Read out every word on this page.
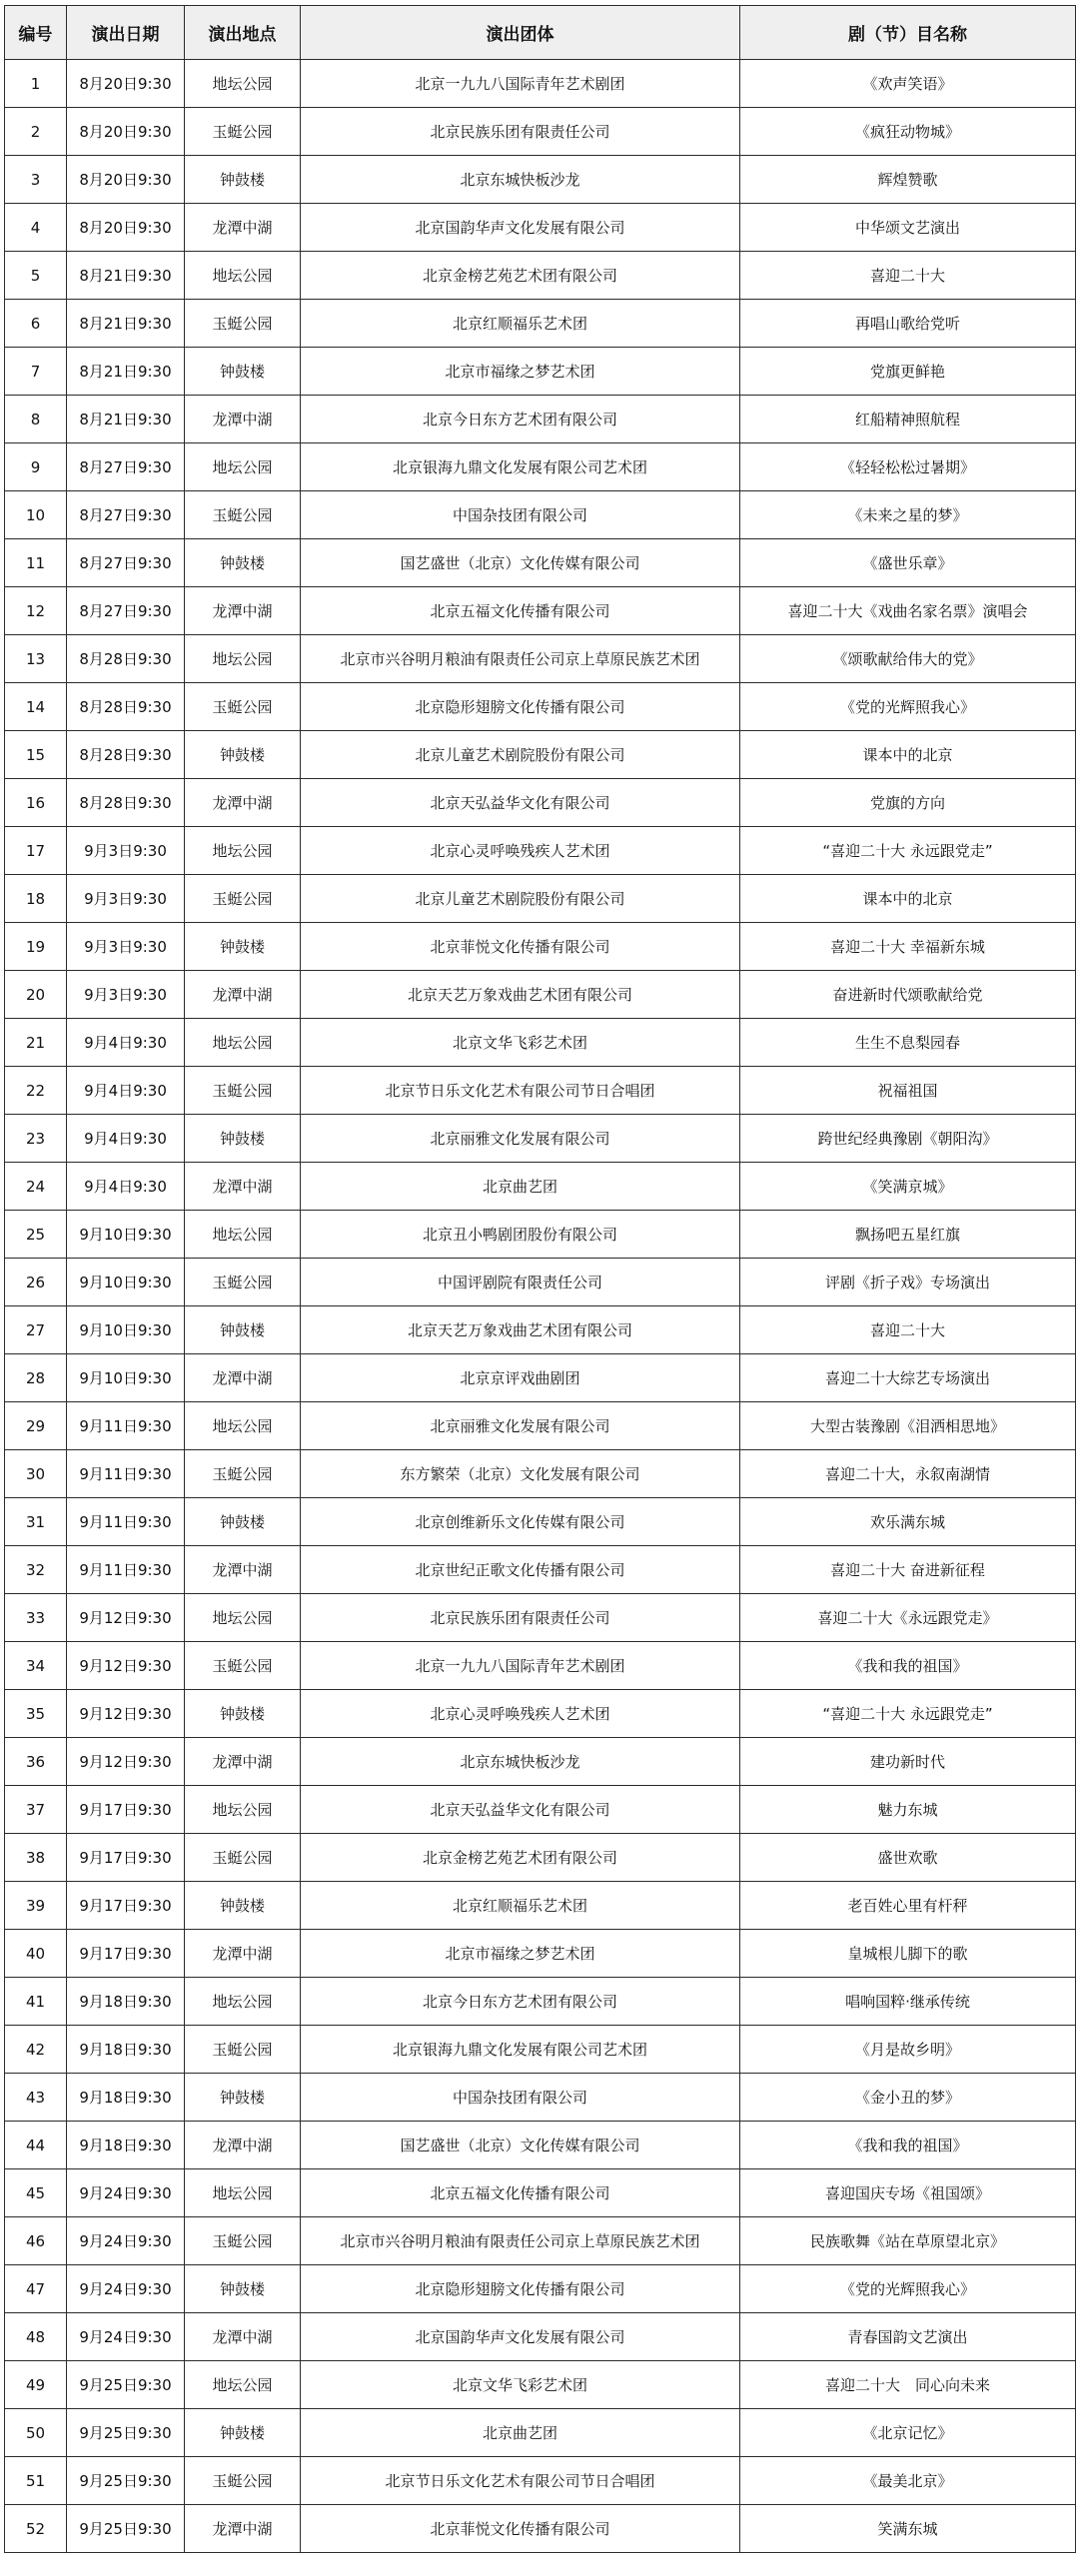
编号	演出日期	演出地点	演出团体	剧（节）目名称
1	8月20日9:30	地坛公园	北京一九九八国际青年艺术剧团	《欢声笑语》
2	8月20日9:30	玉蜓公园	北京民族乐团有限责任公司	《疯狂动物城》
3	8月20日9:30	钟鼓楼	北京东城快板沙龙	辉煌赞歌
4	8月20日9:30	龙潭中湖	北京国韵华声文化发展有限公司	中华颂文艺演出
5	8月21日9:30	地坛公园	北京金榜艺苑艺术团有限公司	喜迎二十大
6	8月21日9:30	玉蜓公园	北京红顺福乐艺术团	再唱山歌给党听
7	8月21日9:30	钟鼓楼	北京市福缘之梦艺术团	党旗更鲜艳
8	8月21日9:30	龙潭中湖	北京今日东方艺术团有限公司	红船精神照航程
9	8月27日9:30	地坛公园	北京银海九鼎文化发展有限公司艺术团	《轻轻松松过暑期》
10	8月27日9:30	玉蜓公园	中国杂技团有限公司	《未来之星的梦》
11	8月27日9:30	钟鼓楼	国艺盛世（北京）文化传媒有限公司	《盛世乐章》
12	8月27日9:30	龙潭中湖	北京五福文化传播有限公司	喜迎二十大《戏曲名家名票》演唱会
13	8月28日9:30	地坛公园	北京市兴谷明月粮油有限责任公司京上草原民族艺术团	《颂歌献给伟大的党》
14	8月28日9:30	玉蜓公园	北京隐形翅膀文化传播有限公司	《党的光辉照我心》
15	8月28日9:30	钟鼓楼	北京儿童艺术剧院股份有限公司	课本中的北京
16	8月28日9:30	龙潭中湖	北京天弘益华文化有限公司	党旗的方向
17	9月3日9:30	地坛公园	北京心灵呼唤残疾人艺术团	“喜迎二十大 永远跟党走”
18	9月3日9:30	玉蜓公园	北京儿童艺术剧院股份有限公司	课本中的北京
19	9月3日9:30	钟鼓楼	北京菲悦文化传播有限公司	喜迎二十大 幸福新东城
20	9月3日9:30	龙潭中湖	北京天艺万象戏曲艺术团有限公司	奋进新时代颂歌献给党
21	9月4日9:30	地坛公园	北京文华飞彩艺术团	生生不息梨园春
22	9月4日9:30	玉蜓公园	北京节日乐文化艺术有限公司节日合唱团	祝福祖国
23	9月4日9:30	钟鼓楼	北京丽雅文化发展有限公司	跨世纪经典豫剧《朝阳沟》
24	9月4日9:30	龙潭中湖	北京曲艺团	《笑满京城》
25	9月10日9:30	地坛公园	北京丑小鸭剧团股份有限公司	飘扬吧五星红旗
26	9月10日9:30	玉蜓公园	中国评剧院有限责任公司	评剧《折子戏》专场演出
27	9月10日9:30	钟鼓楼	北京天艺万象戏曲艺术团有限公司	喜迎二十大
28	9月10日9:30	龙潭中湖	北京京评戏曲剧团	喜迎二十大综艺专场演出
29	9月11日9:30	地坛公园	北京丽雅文化发展有限公司	大型古装豫剧《泪洒相思地》
30	9月11日9:30	玉蜓公园	东方繁荣（北京）文化发展有限公司	喜迎二十大，永叙南湖情
31	9月11日9:30	钟鼓楼	北京创维新乐文化传媒有限公司	欢乐满东城
32	9月11日9:30	龙潭中湖	北京世纪正歌文化传播有限公司	喜迎二十大 奋进新征程
33	9月12日9:30	地坛公园	北京民族乐团有限责任公司	喜迎二十大《永远跟党走》
34	9月12日9:30	玉蜓公园	北京一九九八国际青年艺术剧团	《我和我的祖国》
35	9月12日9:30	钟鼓楼	北京心灵呼唤残疾人艺术团	“喜迎二十大 永远跟党走”
36	9月12日9:30	龙潭中湖	北京东城快板沙龙	建功新时代
37	9月17日9:30	地坛公园	北京天弘益华文化有限公司	魅力东城
38	9月17日9:30	玉蜓公园	北京金榜艺苑艺术团有限公司	盛世欢歌
39	9月17日9:30	钟鼓楼	北京红顺福乐艺术团	老百姓心里有杆秤
40	9月17日9:30	龙潭中湖	北京市福缘之梦艺术团	皇城根儿脚下的歌
41	9月18日9:30	地坛公园	北京今日东方艺术团有限公司	唱响国粹·继承传统
42	9月18日9:30	玉蜓公园	北京银海九鼎文化发展有限公司艺术团	《月是故乡明》
43	9月18日9:30	钟鼓楼	中国杂技团有限公司	《金小丑的梦》
44	9月18日9:30	龙潭中湖	国艺盛世（北京）文化传媒有限公司	《我和我的祖国》
45	9月24日9:30	地坛公园	北京五福文化传播有限公司	喜迎国庆专场《祖国颂》
46	9月24日9:30	玉蜓公园	北京市兴谷明月粮油有限责任公司京上草原民族艺术团	民族歌舞《站在草原望北京》
47	9月24日9:30	钟鼓楼	北京隐形翅膀文化传播有限公司	《党的光辉照我心》
48	9月24日9:30	龙潭中湖	北京国韵华声文化发展有限公司	青春国韵文艺演出
49	9月25日9:30	地坛公园	北京文华飞彩艺术团	喜迎二十大　同心向未来
50	9月25日9:30	钟鼓楼	北京曲艺团	《北京记忆》
51	9月25日9:30	玉蜓公园	北京节日乐文化艺术有限公司节日合唱团	《最美北京》
52	9月25日9:30	龙潭中湖	北京菲悦文化传播有限公司	笑满东城
